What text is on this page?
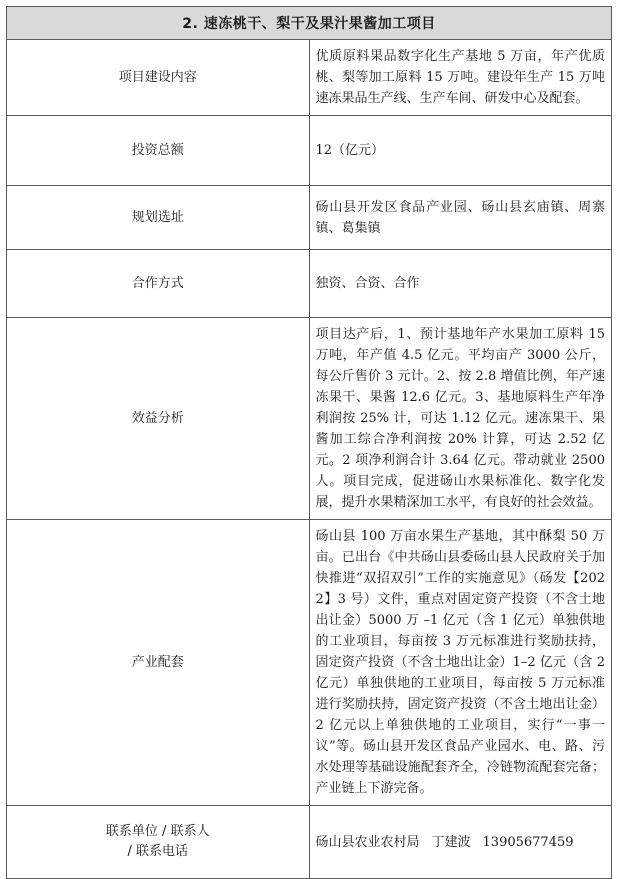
2. 速冻桃干、梨干及果汁果酱加工项目	
项目建设内容	优质原料果品数字化生产基地 5 万亩，年产优质桃、梨等加工原料 15 万吨。建设年生产 15 万吨速冻果品生产线、生产车间、研发中心及配套。
投资总额	12（亿元）
规划选址	砀山县开发区食品产业园、砀山县玄庙镇、周寨镇、葛集镇
合作方式	独资、合资、合作
效益分析	项目达产后，1、预计基地年产水果加工原料 15 万吨，年产值 4.5 亿元。平均亩产 3000 公斤，每公斤售价 3 元计。2、按 2.8 增值比例，年产速冻果干、果酱 12.6 亿元。3、基地原料生产年净利润按 25% 计，可达 1.12 亿元。速冻果干、果酱加工综合净利润按 20% 计算，可达 2.52 亿元。2 项净利润合计 3.64 亿元。带动就业 2500 人。项目完成，促进砀山水果标准化、数字化发展，提升水果精深加工水平，有良好的社会效益。
产业配套	砀山县 100 万亩水果生产基地，其中酥梨 50 万亩。已出台《中共砀山县委砀山县人民政府关于加快推进“双招双引”工作的实施意见》（砀发【2022】3 号）文件，重点对固定资产投资（不含土地出让金）5000 万 –1 亿元（含 1 亿元）单独供地的工业项目，每亩按 3 万元标准进行奖励扶持，固定资产投资（不含土地出让金）1–2 亿元（含 2 亿元）单独供地的工业项目，每亩按 5 万元标准进行奖励扶持，固定资产投资（不含土地出让金）2 亿元以上单独供地的工业项目，实行“一事一议”等。砀山县开发区食品产业园水、电、路、污水处理等基础设施配套齐全，冷链物流配套完备；产业链上下游完备。
联系单位 / 联系人
/ 联系电话	砀山县农业农村局 丁建波 13905677459
